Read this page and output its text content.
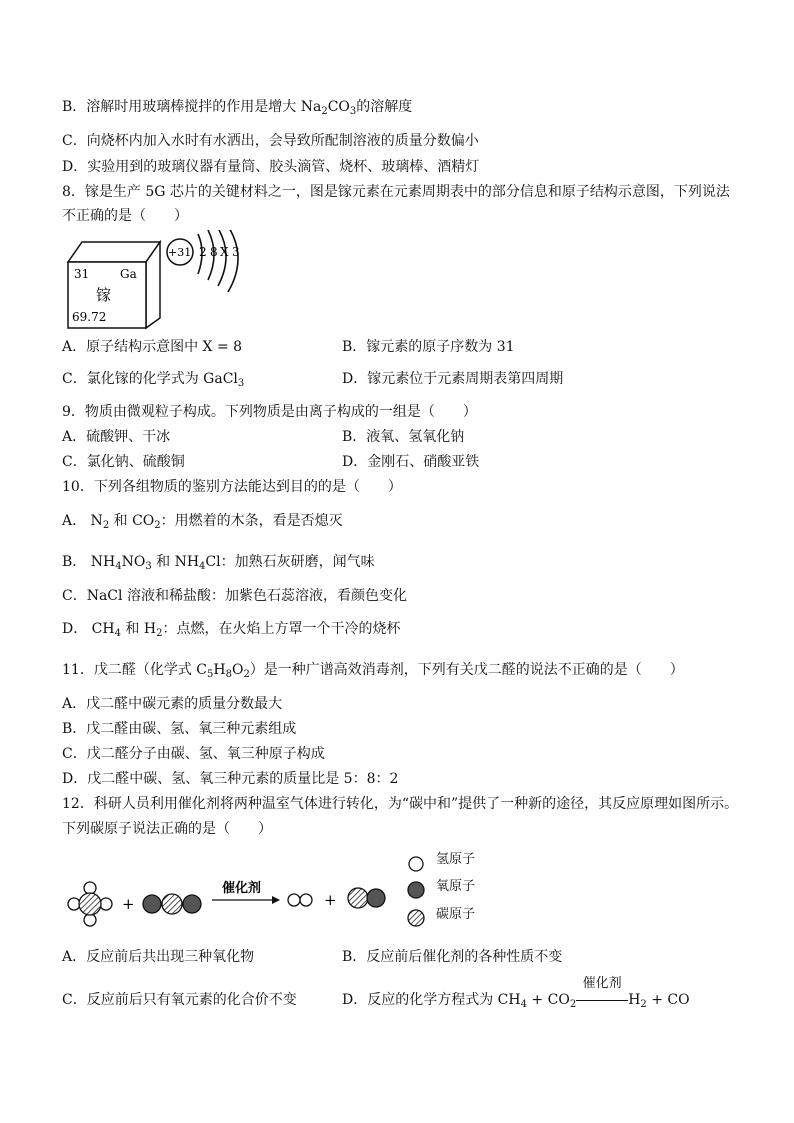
B．溶解时用玻璃棒搅拌的作用是增大 $Na_2CO_3$的溶解度
C．向烧杯内加入水时有水洒出，会导致所配制溶液的质量分数偏小
D．实验用到的玻璃仪器有量筒、胶头滴管、烧杯、玻璃棒、酒精灯
8．镓是生产 5G 芯片的关键材料之一，图是镓元素在元素周期表中的部分信息和原子结构示意图，下列说法
不正确的是（　　）
31	Ga
镓
69.72
+31 2 8 X 3
A．原子结构示意图中 X = 8	B．镓元素的原子序数为 31
C．氯化镓的化学式为 GaCl$_3$	D．镓元素位于元素周期表第四周期
9．物质由微观粒子构成。下列物质是由离子构成的一组是（　　）
A．硫酸钾、干冰	B．液氧、氢氧化钠
C．氯化钠、硫酸铜	D．金刚石、硝酸亚铁
10．下列各组物质的鉴别方法能达到目的的是（　　）
A． $N_2$ 和 $CO_2$：用燃着的木条，看是否熄灭
B． $NH_4NO_3$ 和 $NH_4Cl$：加熟石灰研磨，闻气味
C．NaCl 溶液和稀盐酸：加紫色石蕊溶液，看颜色变化
D． $CH_4$ 和 $H_2$：点燃，在火焰上方罩一个干冷的烧杯
11．戊二醛（化学式 $C_5H_8O_2$）是一种广谱高效消毒剂，下列有关戊二醛的说法不正确的是（　　）
A．戊二醛中碳元素的质量分数最大
B．戊二醛由碳、氢、氧三种元素组成
C．戊二醛分子由碳、氢、氧三种原子构成
D．戊二醛中碳、氢、氧三种元素的质量比是 5：8：2
12．科研人员利用催化剂将两种温室气体进行转化，为“碳中和”提供了一种新的途径，其反应原理如图所示。
下列碳原子说法正确的是（　　）
+
催化剂
+
氢原子
氧原子
碳原子
A．反应前后共出现三种氧化物	B．反应前后催化剂的各种性质不变
C．反应前后只有氧元素的化合价不变	D．反应的化学方程式为 $CH_4 + CO_2$
催化剂
$H_2$ + CO
